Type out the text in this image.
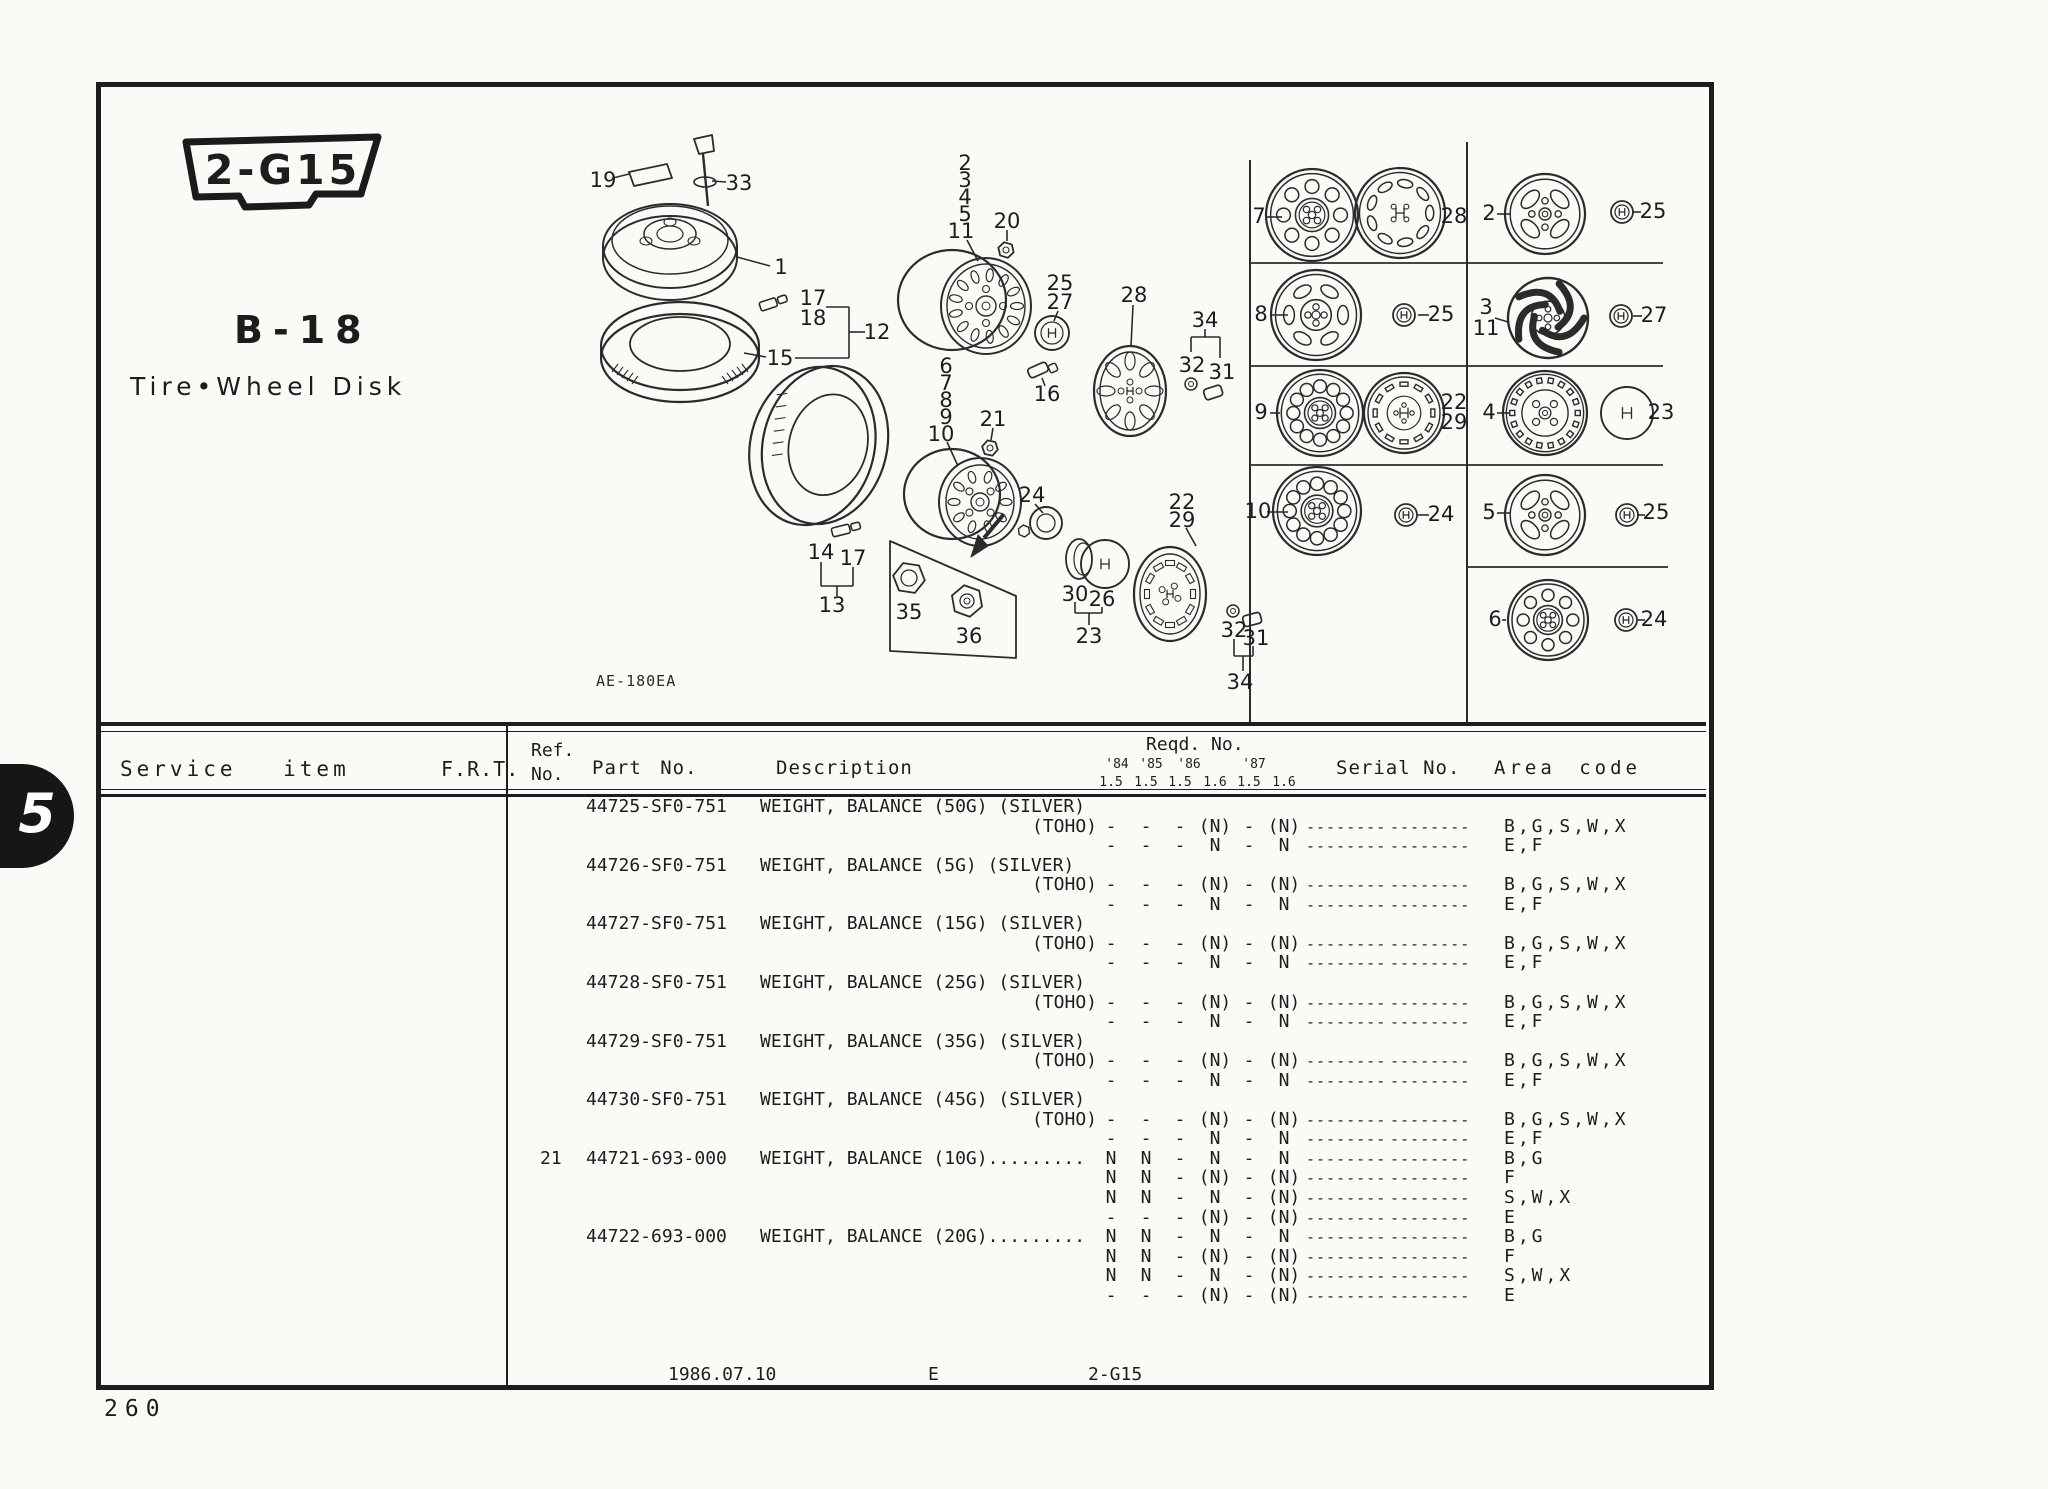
2-G15
B-18
Tire•Wheel Disk
5
260
AE-180EA
19	33
1
17
18
12
15
2
3
4
5
11 20
25
27
16
28
34
32 31
6
7
8
9
10
21
24
14 17
13 35
36
30 26
23
22
29
32
31
34
7	28
8	25
9	22
29
10	24
2	25
3
11
27
4	23
5	25
6	24
Service item	F.R.T.
Ref.
No. Part No.	Description
Reqd. No.
'84 '85	'86	'87
1.5 1.5 1.5 1.6 1.5 1.6
Serial No. Area code
44725-SF0-751 WEIGHT, BALANCE (50G) (SILVER)
(TOHO) -	-	- (N) - (N) -------- -------- B,G,S,W,X
-	-	-	N	-	N	-------- -------- E,F
44726-SF0-751 WEIGHT, BALANCE (5G) (SILVER)
(TOHO) -	-	- (N) - (N) -------- -------- B,G,S,W,X
-	-	-	N	-	N	-------- -------- E,F
44727-SF0-751 WEIGHT, BALANCE (15G) (SILVER)
(TOHO) -	-	- (N) - (N) -------- -------- B,G,S,W,X
-	-	-	N	-	N	-------- -------- E,F
44728-SF0-751 WEIGHT, BALANCE (25G) (SILVER)
(TOHO) -	-	- (N) - (N) -------- -------- B,G,S,W,X
-	-	-	N	-	N	-------- -------- E,F
44729-SF0-751 WEIGHT, BALANCE (35G) (SILVER)
(TOHO) -	-	- (N) - (N) -------- -------- B,G,S,W,X
-	-	-	N	-	N	-------- -------- E,F
44730-SF0-751 WEIGHT, BALANCE (45G) (SILVER)
(TOHO) -	-	- (N) - (N) -------- -------- B,G,S,W,X
-	-	-	N	-	N	-------- -------- E,F
21 44721-693-000 WEIGHT, BALANCE (10G).........	N	N	-	N	-	N	-------- -------- B,G
N	N	- (N) - (N) -------- -------- F
N	N	-	N	- (N) -------- -------- S,W,X
-	-	- (N) - (N) -------- -------- E
44722-693-000 WEIGHT, BALANCE (20G).........	N	N	-	N	-	N	-------- -------- B,G
N	N	- (N) - (N) -------- -------- F
N	N	-	N	- (N) -------- -------- S,W,X
-	-	- (N) - (N) -------- -------- E
1986.07.10	E	2-G15
